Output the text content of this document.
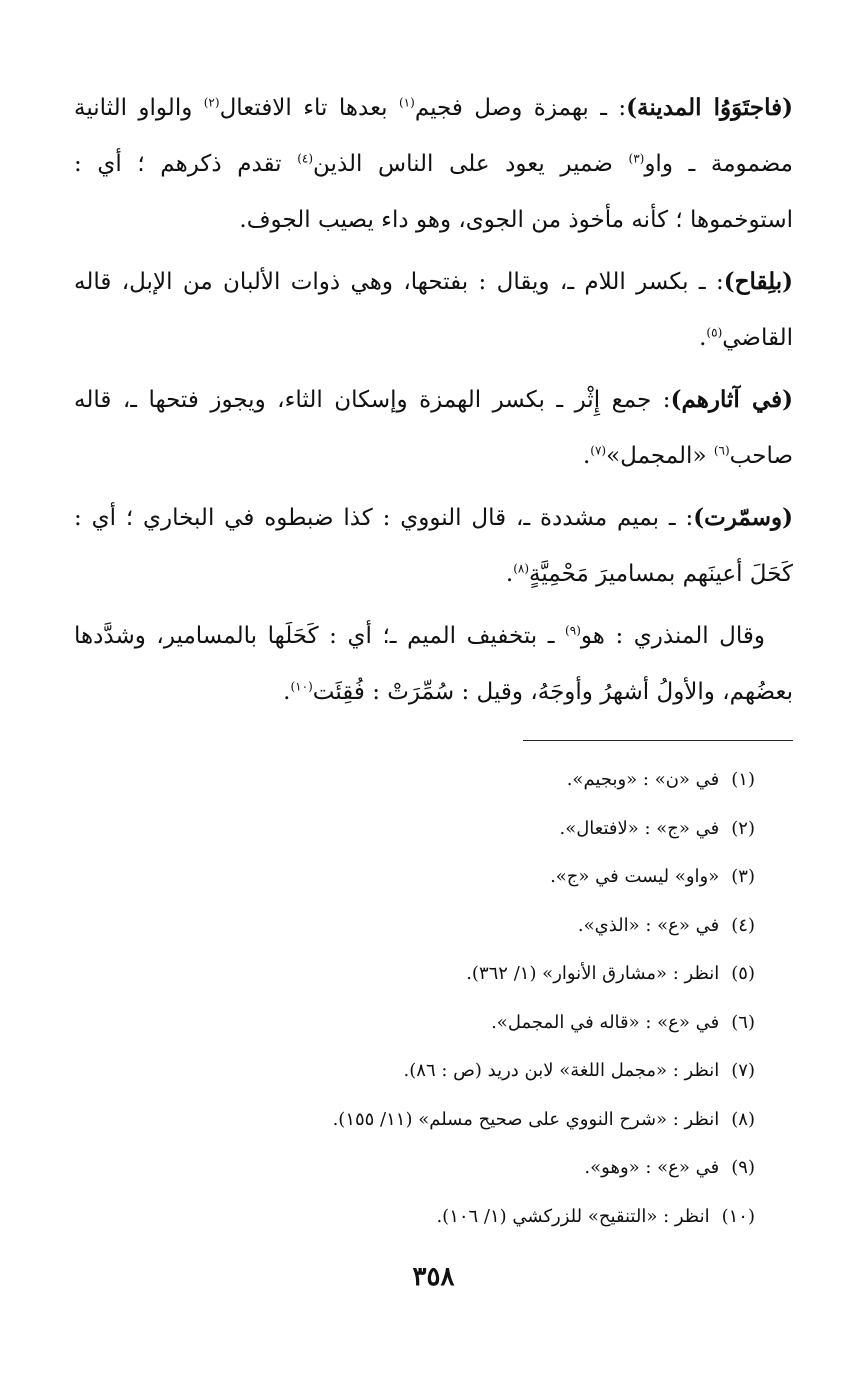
(فاجتَوَوُا المدينة): ـ بهمزة وصل فجيم$^{(١)}$ بعدها تاء الافتعال$^{(٢)}$ والواو الثانية مضمومة ـ واو$^{(٣)}$ ضمير يعود على الناس الذين$^{(٤)}$ تقدم ذكرهم ؛ أي : استوخموها ؛ كأنه مأخوذ من الجوى، وهو داء يصيب الجوف.

(بلِقاح): ـ بكسر اللام ـ، ويقال : بفتحها، وهي ذوات الألبان من الإبل، قاله القاضي$^{(٥)}$.

(في آثارهم): جمع إِثْر ـ بكسر الهمزة وإسكان الثاء، ويجوز فتحها ـ، قاله صاحب$^{(٦)}$ «المجمل»$^{(٧)}$.

(وسمّرت): ـ بميم مشددة ـ، قال النووي : كذا ضبطوه في البخاري ؛ أي : كَحَلَ أعينَهم بمساميرَ مَحْمِيَّةٍ$^{(٨)}$.

وقال المنذري : هو$^{(٩)}$ ـ بتخفيف الميم ـ؛ أي : كَحَلَها بالمسامير، وشدَّدها بعضُهم، والأولُ أشهرُ وأوجَهُ، وقيل : سُمِّرَتْ : فُقِئَت$^{(١٠)}$.

(١)في «ن» : «وبجيم».
(٢)في «ج» : «لافتعال».
(٣)«واو» ليست في «ج».
(٤)في «ع» : «الذي».
(٥)انظر : «مشارق الأنوار» (١/ ٣٦٢).
(٦)في «ع» : «قاله في المجمل».
(٧)انظر : «مجمل اللغة» لابن دريد (ص : ٨٦).
(٨)انظر : «شرح النووي على صحيح مسلم» (١١/ ١٥٥).
(٩)في «ع» : «وهو».
(١٠)انظر : «التنقيح» للزركشي (١/ ١٠٦).
٣٥٨
